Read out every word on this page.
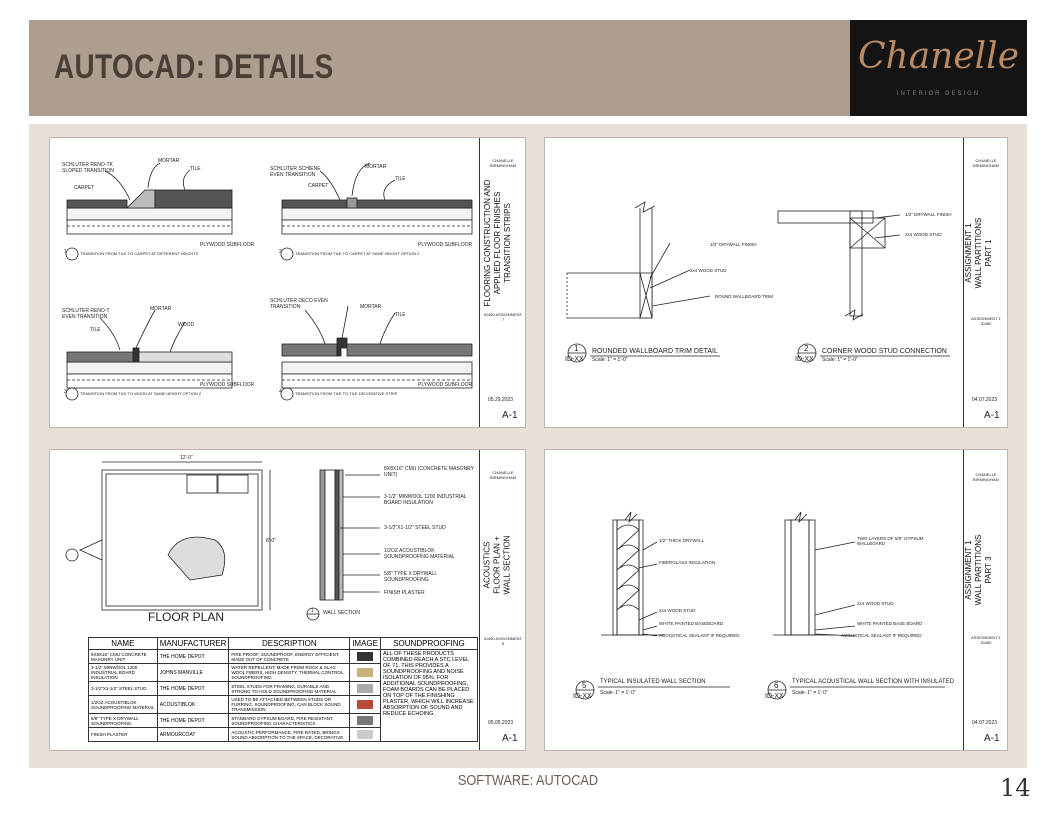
AUTOCAD: DETAILS	Chanelle
INTERIOR DESIGN
SCHLUTER RENO-TK SLOPED TRANSITION
MORTAR
TILE
CARPET
PLYWOOD SUBFLOOR
1	TRANSITION FROM TILE TO CARPET AT DIFFERENT HEIGHTS
SCHLUTER SCHIENE EVEN TRANSITION
MORTAR
TILE
CARPET
PLYWOOD SUBFLOOR
2	TRANSITION FROM TILE TO CARPET AT SAME HEIGHT OPTION 2
SCHLUTER RENO-T EVEN TRANSITION
MORTAR
TILE
WOOD
PLYWOOD SUBFLOOR
3	TRANSITION FROM TILE TO WOOD AT SAME HEIGHT OPTION 2
SCHLUTER DECO EVEN TRANSITION	MORTAR
TILE
PLYWOOD SUBFLOOR
4	TRANSITION FROM TILE TO TILE DECORATIVE STRIP
CHANELLE BIRMINGHAM
FLOORING CONSTRUCTION AND APPLIED FLOOR FINISHES TRANSITION STRIPS
ID450 ASSIGNMENT 7
05.29.2023
A-1
1/2" DRYWALL FINISH
2x4 WOOD STUD
ROUND WALLBOARD TRIM
1/2" DRYWALL FINISH
2x4 WOOD STUD
1
ID-XX
ROUNDED WALLBOARD TRIM DETAIL
Scale: 1" = 1'-0"
2
ID-XX
CORNER WOOD STUD CONNECTION
Scale: 1" = 1'-0"
CHANELLE BIRMINGHAM
ASSIGNMENT 1
WALL PARTITIONS
PART 1
ASSIGNMENT 1 ID450
04.07.2023
A-1
12'-0"
8'-0"
FLOOR PLAN
8X8X16" CMU (CONCRETE MASONRY UNIT)
3-1/2" MINWOOL 1200 INDUSTRIAL BOARD INSULATION
3-1/2"X1-1/2" STEEL STUD
1/2OZ ACOUSTIBLOK SOUNDPROOFING MATERIAL
5/8" TYPE X DRYWALL SOUNDPROOFING
FINISH PLASTER
1 WALL SECTION
NAME	MANUFACTURER	DESCRIPTION	IMAGE	SOUNDPROOFING
8X8X16" CMU CONCRETE MASONRY UNIT	THE HOME DEPOT	FIRE PROOF, SOUNDPROOF, ENERGY EFFICIENT, MADE OUT OF CONCRETE		ALL OF THESE PRODUCTS COMBINED REACH A STC LEVEL OF 71. THIS PROVIDES A SOUNDPROOFING AND NOISE ISOLATION OF 95%. FOR ADDITIONAL SOUNDPROOFING, FOAM BOARDS CAN BE PLACED ON TOP OF THE FINISHING PLASTER, WHICH WILL INCREASE ABSORPTION OF SOUND AND REDUCE ECHOING.
3-1/2" MINWOOL 1200 INDUSTRIAL BOARD INSULATION	JOHNS MANVILLE	WATER REPELLENT, MADE FROM ROCK & SLAG WOOL FIBERS, HIGH DENSITY, THERMAL CONTROL, SOUNDPROOFING		

3-1/2"X1-1/2" STEEL STUD	THE HOME DEPOT	STEEL STUDS FOR FRAMING, DURABLE AND STRONG TO HOLD SOUNDPROOFING MATERIAL		

1/2OZ ACOUSTIBLOK SOUNDPROOFING MATERIAL	ACOUSTIBLOK	USED TO BE ATTACHED BETWEEN STUDS OR FURRING, SOUNDPROOFING, CAN BLOCK SOUND TRANSMISSION		

5/8" TYPE X DRYWALL SOUNDPROOFING	THE HOME DEPOT	STANDARD GYPSUM BOARD, FIRE RESISTANT, SOUNDPROOFING CHARACTERISTICS		

FINISH PLASTER	ARMOURCOAT	ACOUSTIC PERFORMANCE, FIRE RATED, BRINGS SOUND ABSORPTION TO THE SPACE, DECORATIVE		
CHANELLE BIRMINGHAM
ACOUSTICS
FLOOR PLAN +
WALL SECTION
ID450 ASSIGNMENT 8
05.05.2023
A-1
1/2" THICK DRYWALL
FIBERGLASS INSULATION
2x4 WOOD STUD
WHITE PAINTED BASEBOARD
ACOUSTICAL SEALANT IF REQUIRED
TWO LAYERS OF 5/8" GYPSUM WALLBOARD
2x4 WOOD STUD
WHITE PAINTED BASE BOARD
ACOUSTICAL SEALANT IF REQUIRED
5
ID-XX
TYPICAL INSULATED WALL SECTION
Scale: 1" = 1'-0"
6
ID-XX
TYPICAL ACOUSTICAL WALL SECTION WITH INSULATED
Scale: 1" = 1'-0"
CHANELLE BIRMINGHAM
ASSIGNMENT 1
WALL PARTITIONS
PART 3
ASSIGNMENT 1 ID450
04.07.2023
A-1
SOFTWARE: AUTOCAD	14
